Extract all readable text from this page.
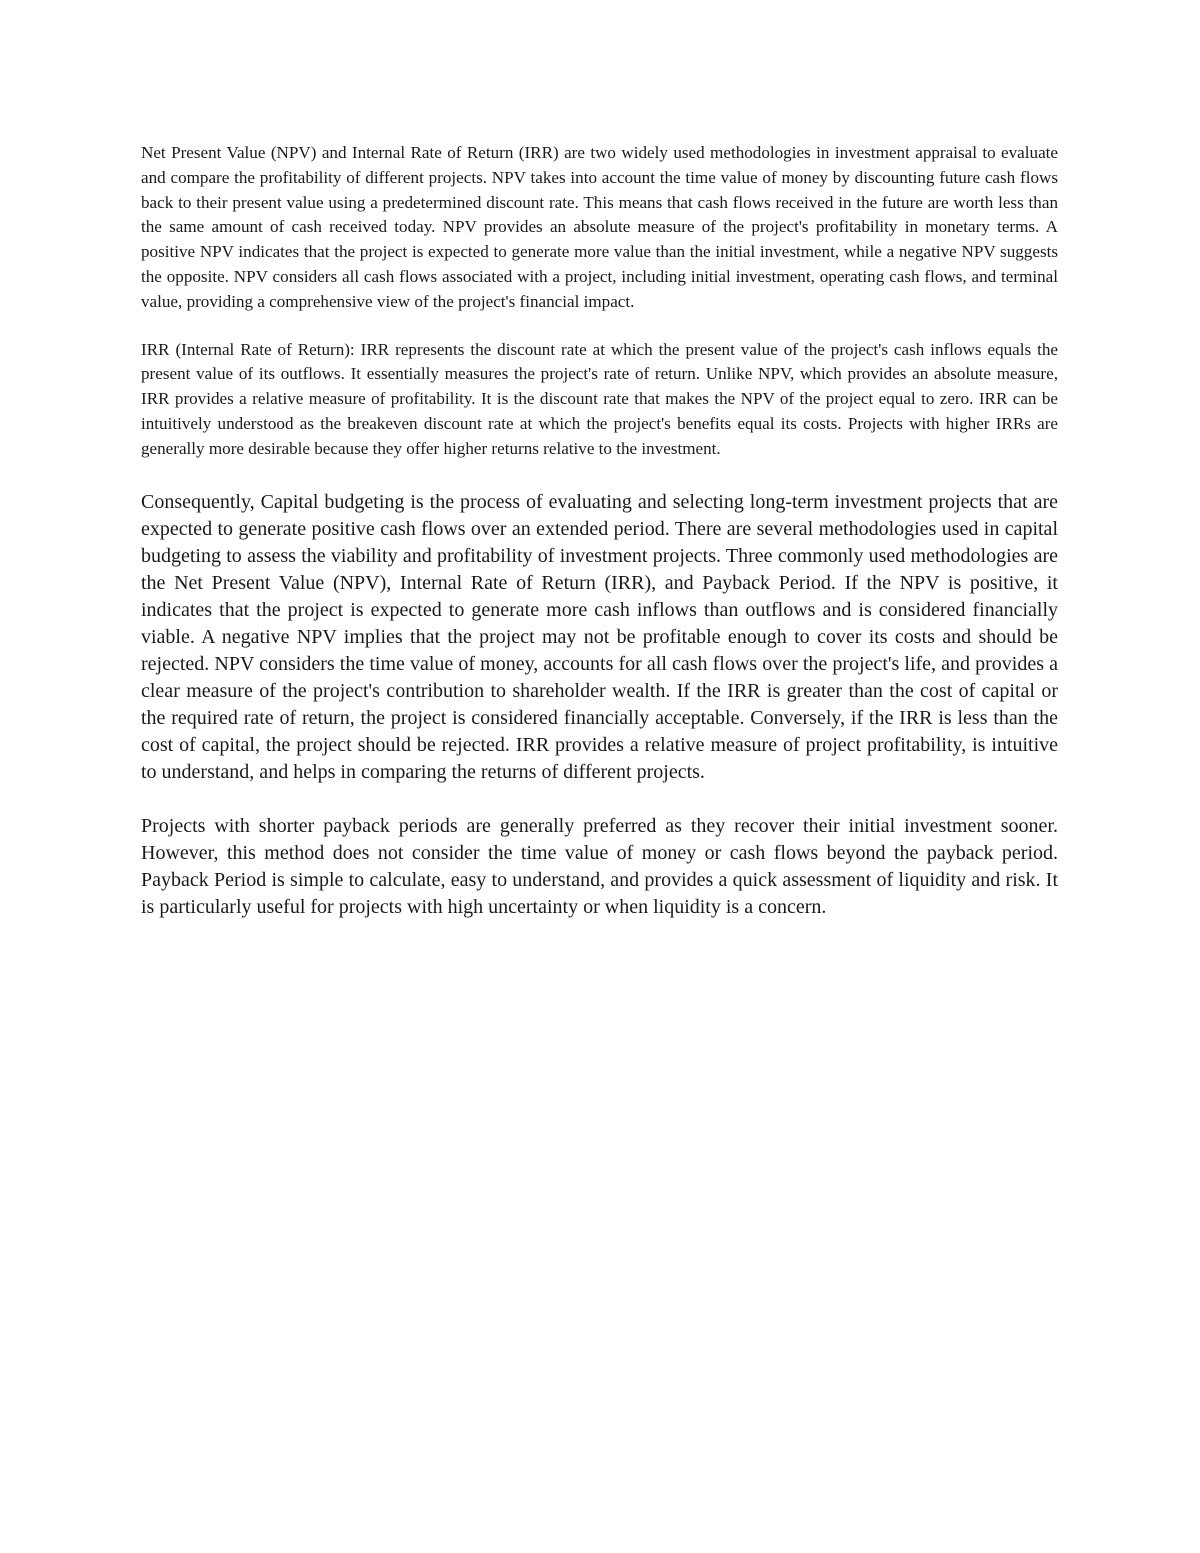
Net Present Value (NPV) and Internal Rate of Return (IRR) are two widely used methodologies in investment appraisal to evaluate and compare the profitability of different projects. NPV takes into account the time value of money by discounting future cash flows back to their present value using a predetermined discount rate. This means that cash flows received in the future are worth less than the same amount of cash received today. NPV provides an absolute measure of the project's profitability in monetary terms. A positive NPV indicates that the project is expected to generate more value than the initial investment, while a negative NPV suggests the opposite. NPV considers all cash flows associated with a project, including initial investment, operating cash flows, and terminal value, providing a comprehensive view of the project's financial impact.

IRR (Internal Rate of Return): IRR represents the discount rate at which the present value of the project's cash inflows equals the present value of its outflows. It essentially measures the project's rate of return. Unlike NPV, which provides an absolute measure, IRR provides a relative measure of profitability. It is the discount rate that makes the NPV of the project equal to zero. IRR can be intuitively understood as the breakeven discount rate at which the project's benefits equal its costs. Projects with higher IRRs are generally more desirable because they offer higher returns relative to the investment.

Consequently, Capital budgeting is the process of evaluating and selecting long-term investment projects that are expected to generate positive cash flows over an extended period. There are several methodologies used in capital budgeting to assess the viability and profitability of investment projects. Three commonly used methodologies are the Net Present Value (NPV), Internal Rate of Return (IRR), and Payback Period. If the NPV is positive, it indicates that the project is expected to generate more cash inflows than outflows and is considered financially viable. A negative NPV implies that the project may not be profitable enough to cover its costs and should be rejected. NPV considers the time value of money, accounts for all cash flows over the project's life, and provides a clear measure of the project's contribution to shareholder wealth. If the IRR is greater than the cost of capital or the required rate of return, the project is considered financially acceptable. Conversely, if the IRR is less than the cost of capital, the project should be rejected. IRR provides a relative measure of project profitability, is intuitive to understand, and helps in comparing the returns of different projects.

Projects with shorter payback periods are generally preferred as they recover their initial investment sooner. However, this method does not consider the time value of money or cash flows beyond the payback period. Payback Period is simple to calculate, easy to understand, and provides a quick assessment of liquidity and risk. It is particularly useful for projects with high uncertainty or when liquidity is a concern.
